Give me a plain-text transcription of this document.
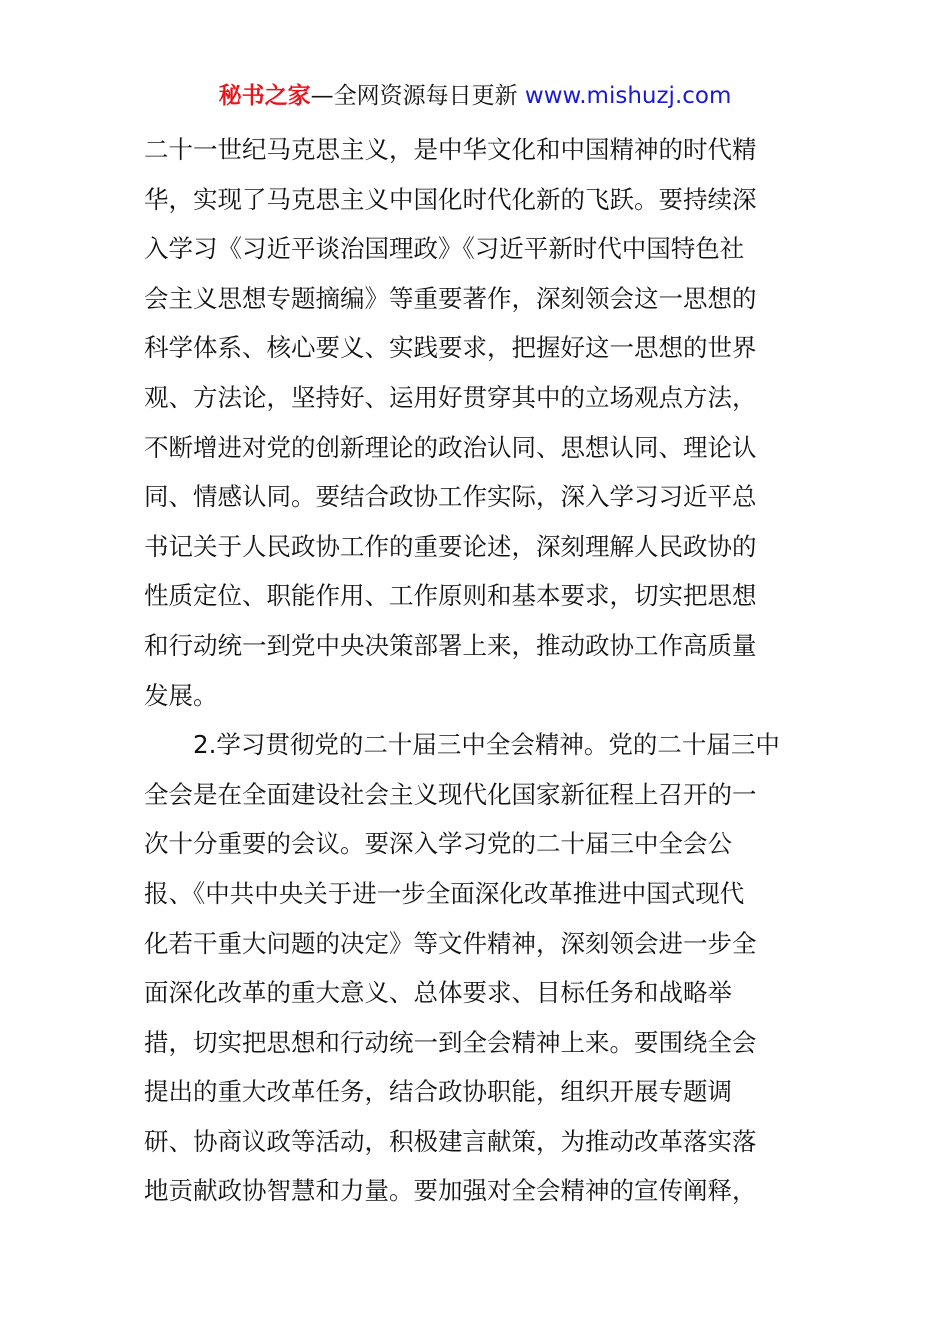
秘书之家—全网资源每日更新 www.mishuzj.com
二十一世纪马克思主义，是中华文化和中国精神的时代精
华，实现了马克思主义中国化时代化新的飞跃。要持续深
入学习《习近平谈治国理政》《习近平新时代中国特色社
会主义思想专题摘编》等重要著作，深刻领会这一思想的
科学体系、核心要义、实践要求，把握好这一思想的世界
观、方法论，坚持好、运用好贯穿其中的立场观点方法，
不断增进对党的创新理论的政治认同、思想认同、理论认
同、情感认同。要结合政协工作实际，深入学习习近平总
书记关于人民政协工作的重要论述，深刻理解人民政协的
性质定位、职能作用、工作原则和基本要求，切实把思想
和行动统一到党中央决策部署上来，推动政协工作高质量
发展。
2.学习贯彻党的二十届三中全会精神。党的二十届三中
全会是在全面建设社会主义现代化国家新征程上召开的一
次十分重要的会议。要深入学习党的二十届三中全会公
报、《中共中央关于进一步全面深化改革推进中国式现代
化若干重大问题的决定》等文件精神，深刻领会进一步全
面深化改革的重大意义、总体要求、目标任务和战略举
措，切实把思想和行动统一到全会精神上来。要围绕全会
提出的重大改革任务，结合政协职能，组织开展专题调
研、协商议政等活动，积极建言献策，为推动改革落实落
地贡献政协智慧和力量。要加强对全会精神的宣传阐释，
